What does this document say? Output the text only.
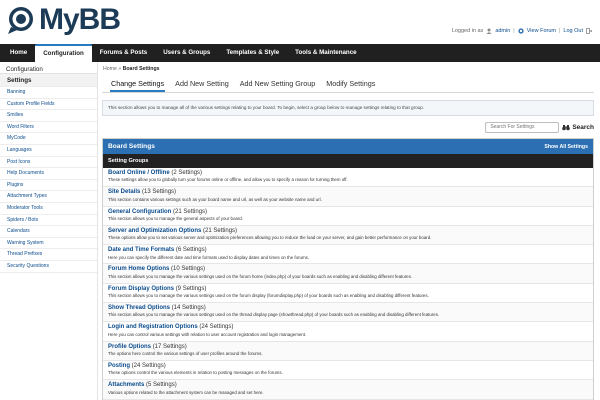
MyBB	Logged in as admin | View Forum | Log Out
Home	Configuration	Forums & Posts	Users & Groups	Templates & Style	Tools & Maintenance
Configuration
Settings
Banning
Custom Profile Fields
Smilies
Word Filters
MyCode
Languages
Post Icons
Help Documents
Plugins
Attachment Types
Moderator Tools
Spiders / Bots
Calendars
Warning System
Thread Prefixes
Security Questions
Home » Board Settings
Change Settings Add New Setting Add New Setting Group Modify Settings
This section allows you to manage all of the various settings relating to your board. To begin, select a group below to manage settings relating to that group.
Search For Settings
Search
Board Settings	Show All Settings
Setting Groups
Board Online / Offline (2 Settings)
These settings allow you to globally turn your forums online or offline, and allow you to specify a reason for turning them off.
Site Details (13 Settings)
This section contains various settings such as your board name and url, as well as your website name and url.
General Configuration (21 Settings)
This section allows you to manage the general aspects of your board.
Server and Optimization Options (21 Settings)
These options allow you to set various server and optimization preferences allowing you to reduce the load on your server, and gain better performance on your board.
Date and Time Formats (6 Settings)
Here you can specify the different date and time formats used to display dates and times on the forums.
Forum Home Options (10 Settings)
This section allows you to manage the various settings used on the forum home (index.php) of your boards such as enabling and disabling different features.
Forum Display Options (9 Settings)
This section allows you to manage the various settings used on the forum display (forumdisplay.php) of your boards such as enabling and disabling different features.
Show Thread Options (14 Settings)
This section allows you to manage the various settings used on the thread display page (showthread.php) of your boards such as enabling and disabling different features.
Login and Registration Options (24 Settings)
Here you can control various settings with relation to user account registration and login management.
Profile Options (17 Settings)
The options here control the various settings of user profiles around the forums.
Posting (24 Settings)
These options control the various elements in relation to posting messages on the forums.
Attachments (5 Settings)
Various options related to the attachment system can be managed and set here.
